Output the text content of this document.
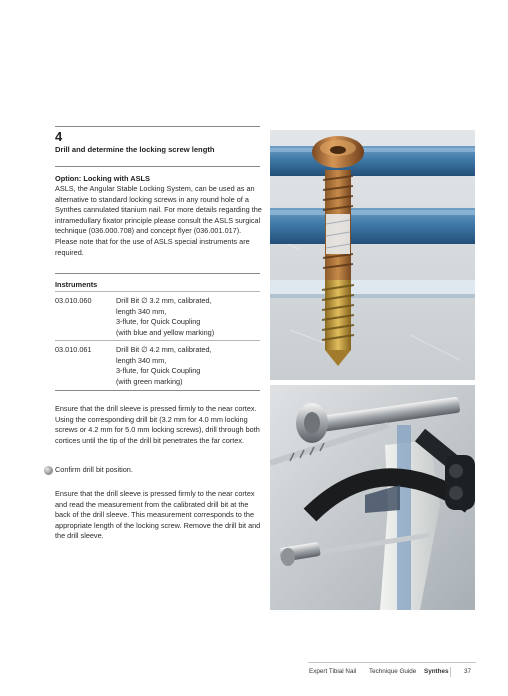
4
Drill and determine the locking screw length
Option: Locking with ASLS
ASLS, the Angular Stable Locking System, can be used as an alternative to standard locking screws in any round hole of a Synthes cannulated titanium nail. For more details regarding the intramedullary fixator principle please consult the ASLS surgical technique (036.000.708) and concept flyer (036.001.017). Please note that for the use of ASLS special instruments are required.
Instruments
03.010.060	Drill Bit ∅ 3.2 mm, calibrated,
length 340 mm,
3-flute, for Quick Coupling
(with blue and yellow marking)
03.010.061	Drill Bit ∅ 4.2 mm, calibrated,
length 340 mm,
3-flute, for Quick Coupling
(with green marking)
Ensure that the drill sleeve is pressed firmly to the near cortex. Using the corresponding drill bit (3.2 mm for 4.0 mm locking screws or 4.2 mm for 5.0 mm locking screws), drill through both cortices until the tip of the drill bit penetrates the far cortex.
Confirm drill bit position.
Ensure that the drill sleeve is pressed firmly to the near cortex and read the measurement from the calibrated drill bit at the back of the drill sleeve. This measurement corresponds to the appropriate length of the locking screw. Remove the drill bit and the drill sleeve.
Expert Tibial Nail Technique Guide Synthes 37
